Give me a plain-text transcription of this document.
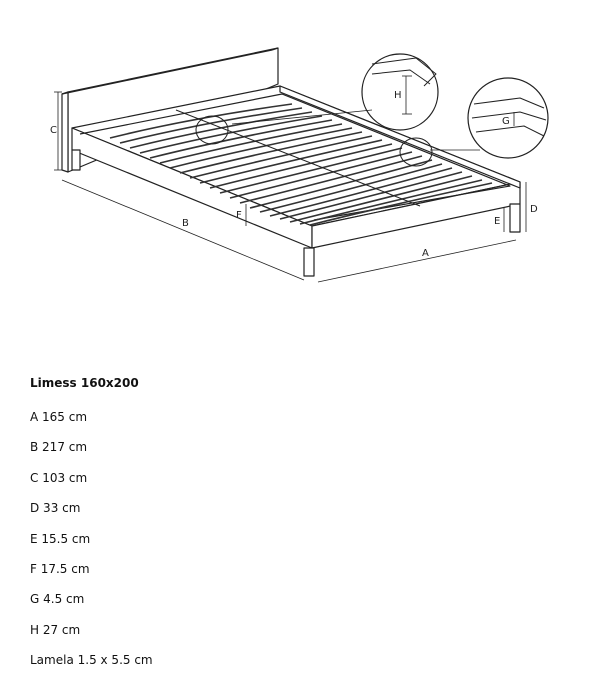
C
B
A
D
E
F
H
G
Limess 160x200
A 165 cm
B 217 cm
C 103 cm
D 33 cm
E 15.5 cm
F 17.5 cm
G 4.5 cm
H 27 cm
Lamela 1.5 x 5.5 cm
